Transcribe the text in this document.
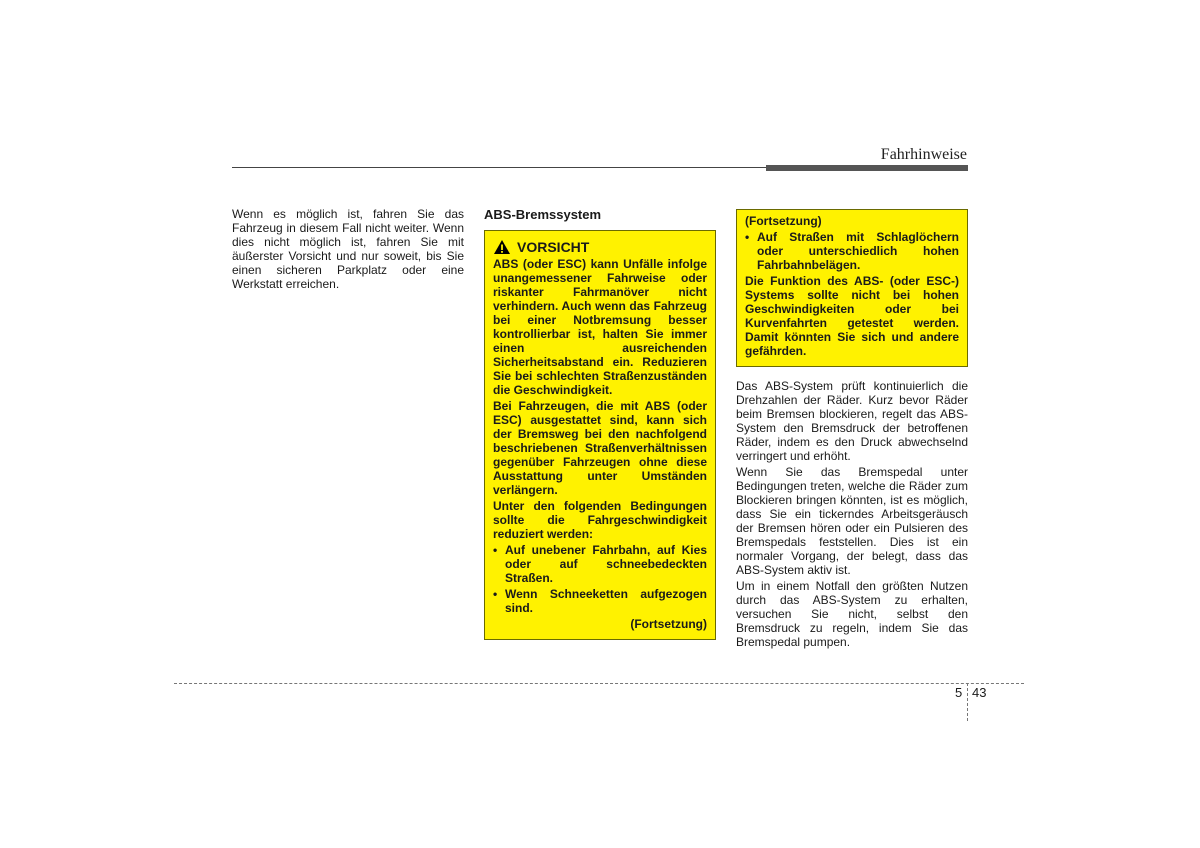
Fahrhinweise

Wenn es möglich ist, fahren Sie das Fahrzeug in diesem Fall nicht weiter. Wenn dies nicht möglich ist, fahren Sie mit äußerster Vorsicht und nur soweit, bis Sie einen sicheren Parkplatz oder eine Werkstatt erreichen.

ABS-Bremssystem
VORSICHT

ABS (oder ESC) kann Unfälle infolge unangemessener Fahrweise oder riskanter Fahrmanöver nicht verhindern. Auch wenn das Fahrzeug bei einer Notbremsung besser kontrollierbar ist, halten Sie immer einen ausreichenden Sicherheitsabstand ein. Reduzieren Sie bei schlechten Straßenzuständen die Geschwindigkeit.

Bei Fahrzeugen, die mit ABS (oder ESC) ausgestattet sind, kann sich der Bremsweg bei den nachfolgend beschriebenen Straßenverhältnissen gegenüber Fahrzeugen ohne diese Ausstattung unter Umständen verlängern.

Unter den folgenden Bedingungen sollte die Fahrgeschwindigkeit reduziert werden:

• Auf unebener Fahrbahn, auf Kies oder auf schneebedeckten Straßen.

• Wenn Schneeketten aufgezogen sind.

(Fortsetzung)

(Fortsetzung)

• Auf Straßen mit Schlaglöchern oder unterschiedlich hohen Fahrbahnbelägen.

Die Funktion des ABS- (oder ESC-) Systems sollte nicht bei hohen Geschwindigkeiten oder bei Kurvenfahrten getestet werden. Damit könnten Sie sich und andere gefährden.

Das ABS-System prüft kontinuierlich die Drehzahlen der Räder. Kurz bevor Räder beim Bremsen blockieren, regelt das ABS-System den Bremsdruck der betroffenen Räder, indem es den Druck abwechselnd verringert und erhöht.

Wenn Sie das Bremspedal unter Bedingungen treten, welche die Räder zum Blockieren bringen könnten, ist es möglich, dass Sie ein tickerndes Arbeitsgeräusch der Bremsen hören oder ein Pulsieren des Bremspedals feststellen. Dies ist ein normaler Vorgang, der belegt, dass das ABS-System aktiv ist.

Um in einem Notfall den größten Nutzen durch das ABS-System zu erhalten, versuchen Sie nicht, selbst den Bremsdruck zu regeln, indem Sie das Bremspedal pumpen.

5 43
